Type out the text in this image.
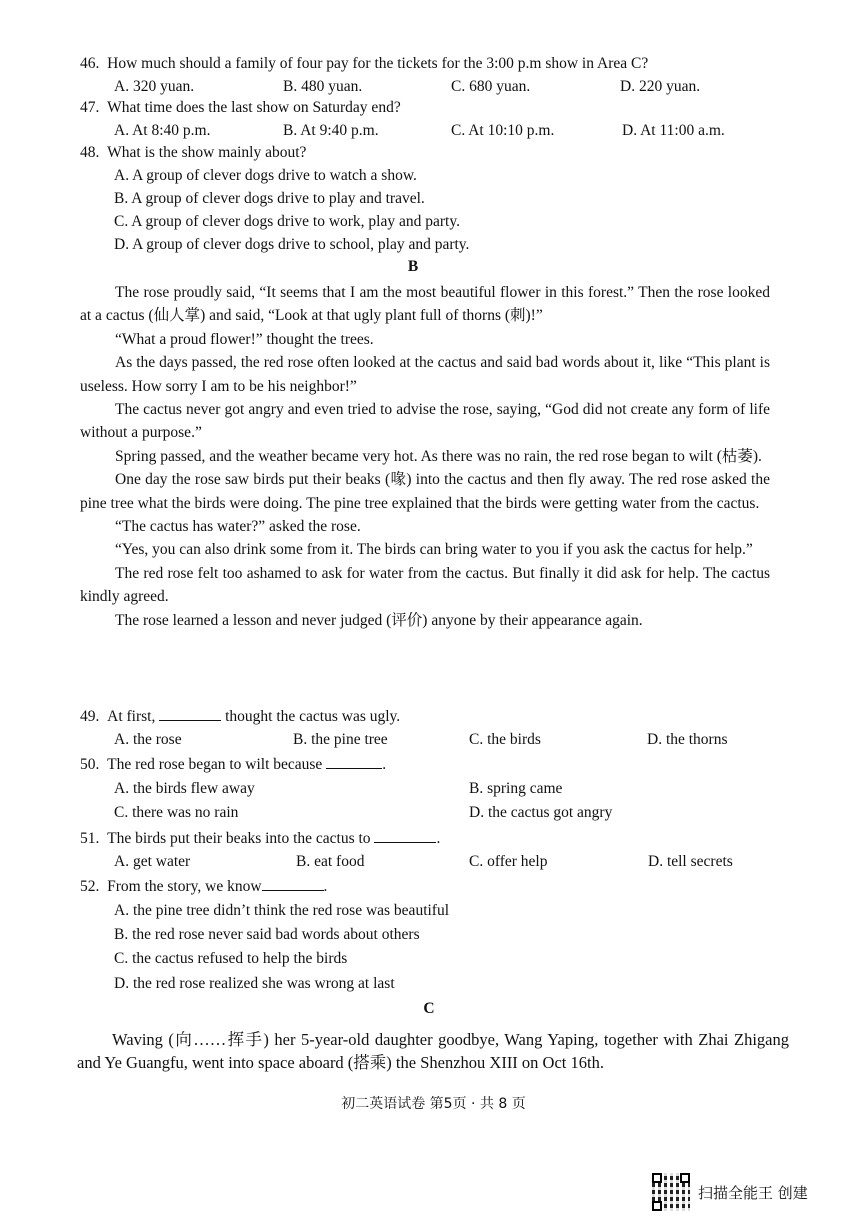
46. How much should a family of four pay for the tickets for the 3:00 p.m show in Area C?
A. 320 yuan.	B. 480 yuan.	C. 680 yuan.	D. 220 yuan.
47. What time does the last show on Saturday end?
A. At 8:40 p.m.	B. At 9:40 p.m.	C. At 10:10 p.m.	D. At 11:00 a.m.
48. What is the show mainly about?
A. A group of clever dogs drive to watch a show.
B. A group of clever dogs drive to play and travel.
C. A group of clever dogs drive to work, play and party.
D. A group of clever dogs drive to school, play and party.
B

The rose proudly said, “It seems that I am the most beautiful flower in this forest.” Then the rose looked at a cactus (仙人掌) and said, “Look at that ugly plant full of thorns (刺)!”

“What a proud flower!” thought the trees.

As the days passed, the red rose often looked at the cactus and said bad words about it, like “This plant is useless. How sorry I am to be his neighbor!”

The cactus never got angry and even tried to advise the rose, saying, “God did not create any form of life without a purpose.”

Spring passed, and the weather became very hot. As there was no rain, the red rose began to wilt (枯萎).

One day the rose saw birds put their beaks (喙) into the cactus and then fly away. The red rose asked the pine tree what the birds were doing. The pine tree explained that the birds were getting water from the cactus.

“The cactus has water?” asked the rose.

“Yes, you can also drink some from it. The birds can bring water to you if you ask the cactus for help.”

The red rose felt too ashamed to ask for water from the cactus. But finally it did ask for help. The cactus kindly agreed.

The rose learned a lesson and never judged (评价) anyone by their appearance again.

49. At first,	thought the cactus was ugly.
A. the rose	B. the pine tree	C. the birds	D. the thorns
50. The red rose began to wilt because	.
A. the birds flew away	B. spring came
C. there was no rain	D. the cactus got angry
51. The birds put their beaks into the cactus to	.
A. get water	B. eat food	C. offer help	D. tell secrets
52. From the story, we know	.
A. the pine tree didn’t think the red rose was beautiful
B. the red rose never said bad words about others
C. the cactus refused to help the birds
D. the red rose realized she was wrong at last
C

Waving (向……挥手) her 5-year-old daughter goodbye, Wang Yaping, together with Zhai Zhigang and Ye Guangfu, went into space aboard (搭乘) the Shenzhou XIII on Oct 16th.

初二英语试卷 第5页 · 共 8 页
扫描全能王 创建
